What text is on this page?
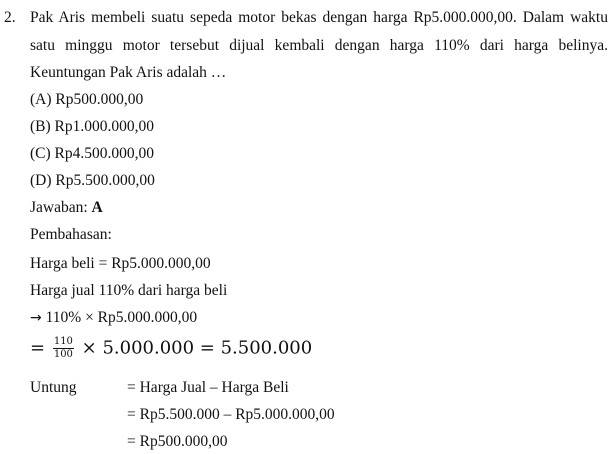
2. Pak Aris membeli suatu sepeda motor bekas dengan harga Rp5.000.000,00. Dalam waktu
satu minggu motor tersebut dijual kembali dengan harga 110% dari harga belinya.
Keuntungan Pak Aris adalah …
(A) Rp500.000,00
(B) Rp1.000.000,00
(C) Rp4.500.000,00
(D) Rp5.500.000,00
Jawaban: A
Pembahasan:
Harga beli = Rp5.000.000,00
Harga jual 110% dari harga beli
→ 110% × Rp5.000.000,00
= $\frac{110}{100} \times 5.000.000 = 5.500.000$
Untung	= Harga Jual – Harga Beli
= Rp5.500.000 – Rp5.000.000,00
= Rp500.000,00
